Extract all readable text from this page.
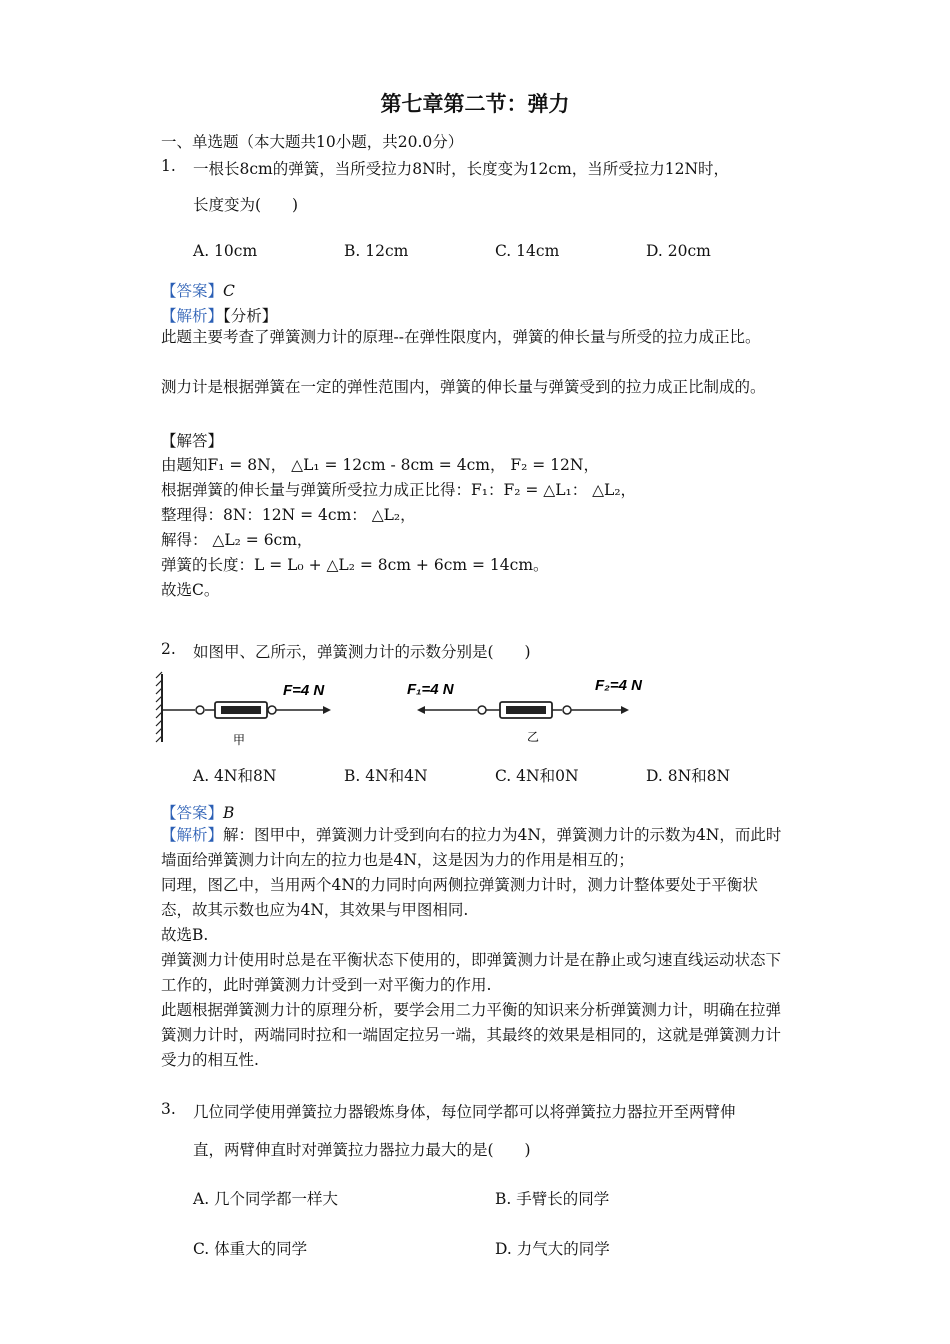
第七章第二节：弹力
一、单选题（本大题共10小题，共20.0分）
1. 一根长8cm的弹簧，当所受拉力8N时，长度变为12cm，当所受拉力12N时，
长度变为(　　)
A. 10cm	B. 12cm	C. 14cm	D. 20cm
【答案】C
【解析】【分析】
此题主要考查了弹簧测力计的原理--在弹性限度内，弹簧的伸长量与所受的拉力成正比。
测力计是根据弹簧在一定的弹性范围内，弹簧的伸长量与弹簧受到的拉力成正比制成的。
【解答】
由题知F₁ = 8N， △L₁ = 12cm - 8cm = 4cm， F₂ = 12N，
根据弹簧的伸长量与弹簧所受拉力成正比得：F₁：F₂ = △L₁： △L₂，
整理得：8N：12N = 4cm： △L₂，
解得： △L₂ = 6cm，
弹簧的长度：L = L₀ + △L₂ = 8cm + 6cm = 14cm。
故选C。
2. 如图甲、乙所示，弹簧测力计的示数分别是(　　)
F=4 N
甲
F₁=4 N	F₂=4 N
乙
A. 4N和8N	B. 4N和4N	C. 4N和0N	D. 8N和8N
【答案】B
【解析】解：图甲中，弹簧测力计受到向右的拉力为4N，弹簧测力计的示数为4N，而此时墙面给弹簧测力计向左的拉力也是4N，这是因为力的作用是相互的；
同理，图乙中，当用两个4N的力同时向两侧拉弹簧测力计时，测力计整体要处于平衡状态，故其示数也应为4N，其效果与甲图相同.
故选B.
弹簧测力计使用时总是在平衡状态下使用的，即弹簧测力计是在静止或匀速直线运动状态下工作的，此时弹簧测力计受到一对平衡力的作用.
此题根据弹簧测力计的原理分析，要学会用二力平衡的知识来分析弹簧测力计，明确在拉弹簧测力计时，两端同时拉和一端固定拉另一端，其最终的效果是相同的，这就是弹簧测力计受力的相互性.
3. 几位同学使用弹簧拉力器锻炼身体，每位同学都可以将弹簧拉力器拉开至两臂伸
直，两臂伸直时对弹簧拉力器拉力最大的是(　　)
A. 几个同学都一样大	B. 手臂长的同学
C. 体重大的同学	D. 力气大的同学
